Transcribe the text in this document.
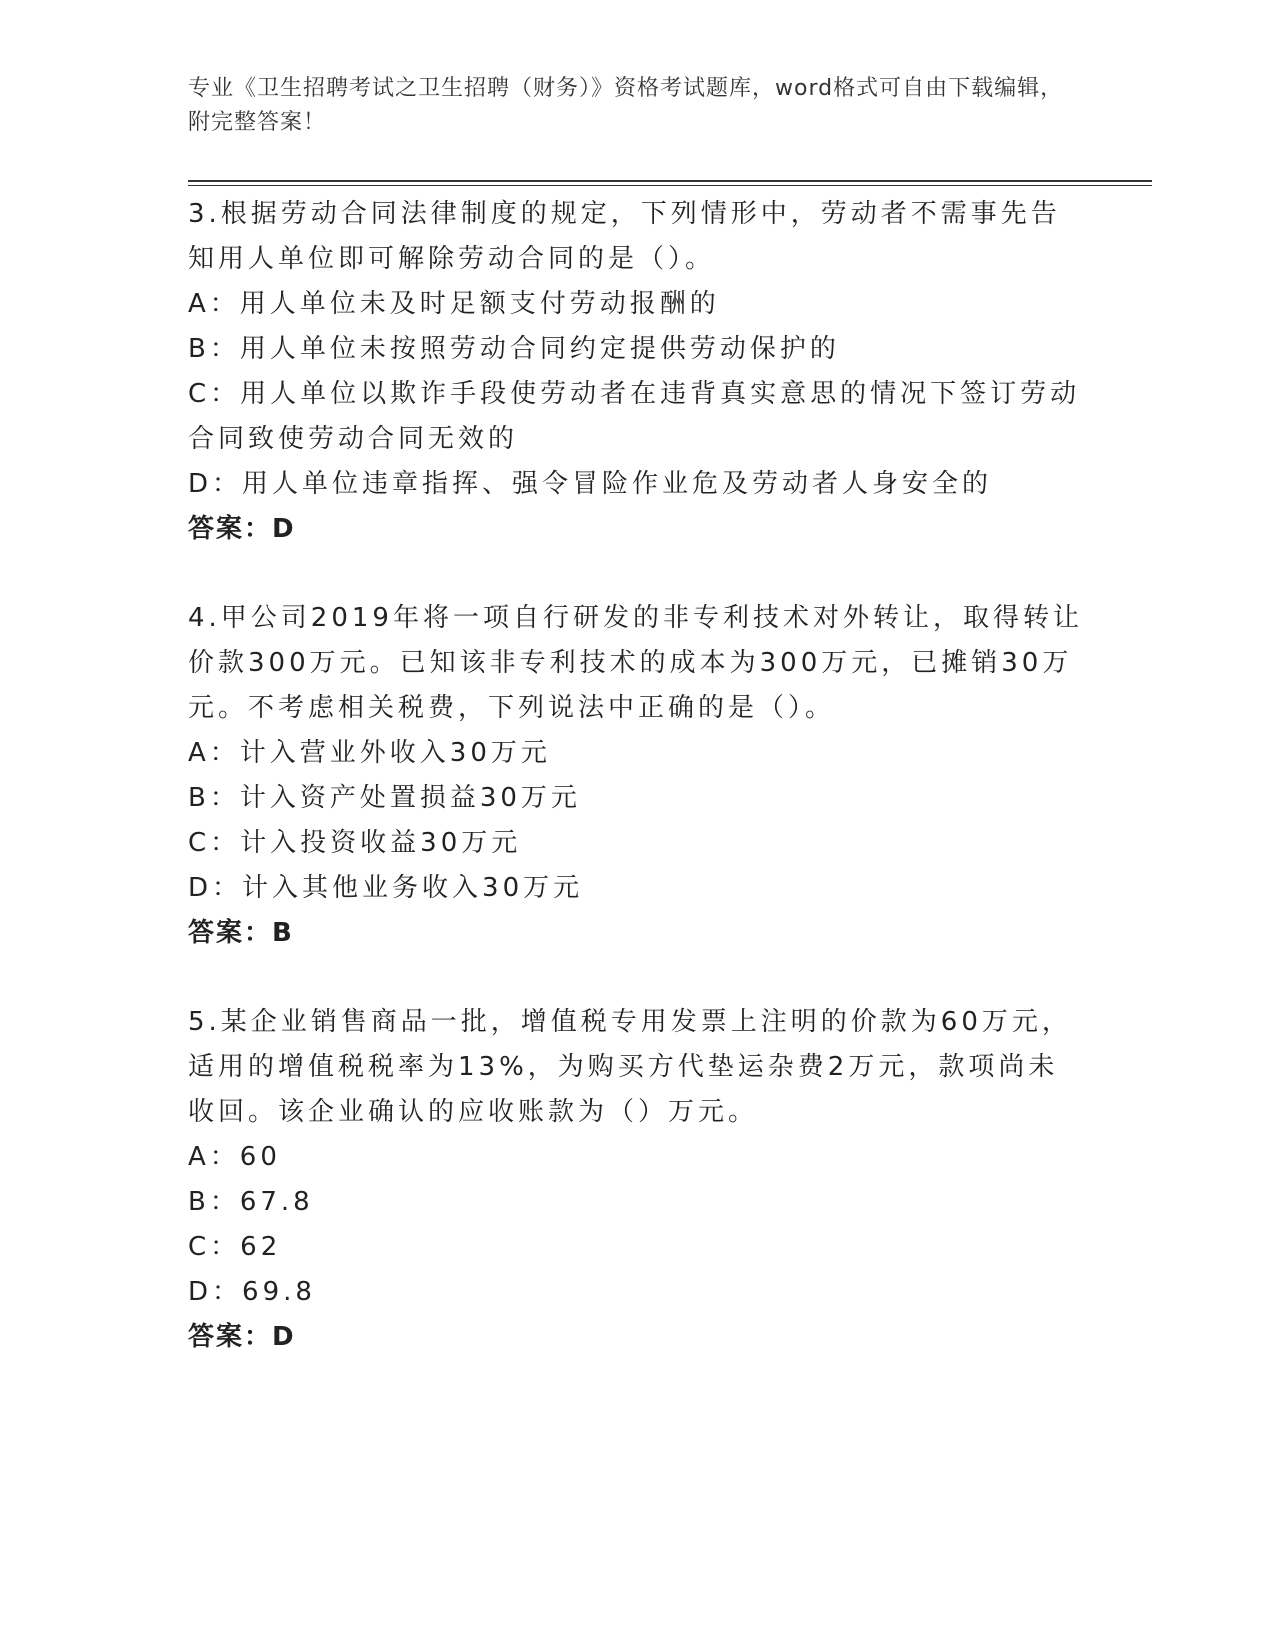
专业《卫生招聘考试之卫生招聘（财务）》资格考试题库，word格式可自由下载编辑，附完整答案！

3.根据劳动合同法律制度的规定，下列情形中，劳动者不需事先告知用人单位即可解除劳动合同的是（）。

A：用人单位未及时足额支付劳动报酬的

B：用人单位未按照劳动合同约定提供劳动保护的

C：用人单位以欺诈手段使劳动者在违背真实意思的情况下签订劳动合同致使劳动合同无效的

D：用人单位违章指挥、强令冒险作业危及劳动者人身安全的

答案：D

4.甲公司2019年将一项自行研发的非专利技术对外转让，取得转让价款300万元。已知该非专利技术的成本为300万元，已摊销30万元。不考虑相关税费，下列说法中正确的是（）。

A：计入营业外收入30万元

B：计入资产处置损益30万元

C：计入投资收益30万元

D：计入其他业务收入30万元

答案：B

5.某企业销售商品一批，增值税专用发票上注明的价款为60万元，适用的增值税税率为13%，为购买方代垫运杂费2万元，款项尚未收回。该企业确认的应收账款为（）万元。

A：60

B：67.8

C：62

D：69.8

答案：D
